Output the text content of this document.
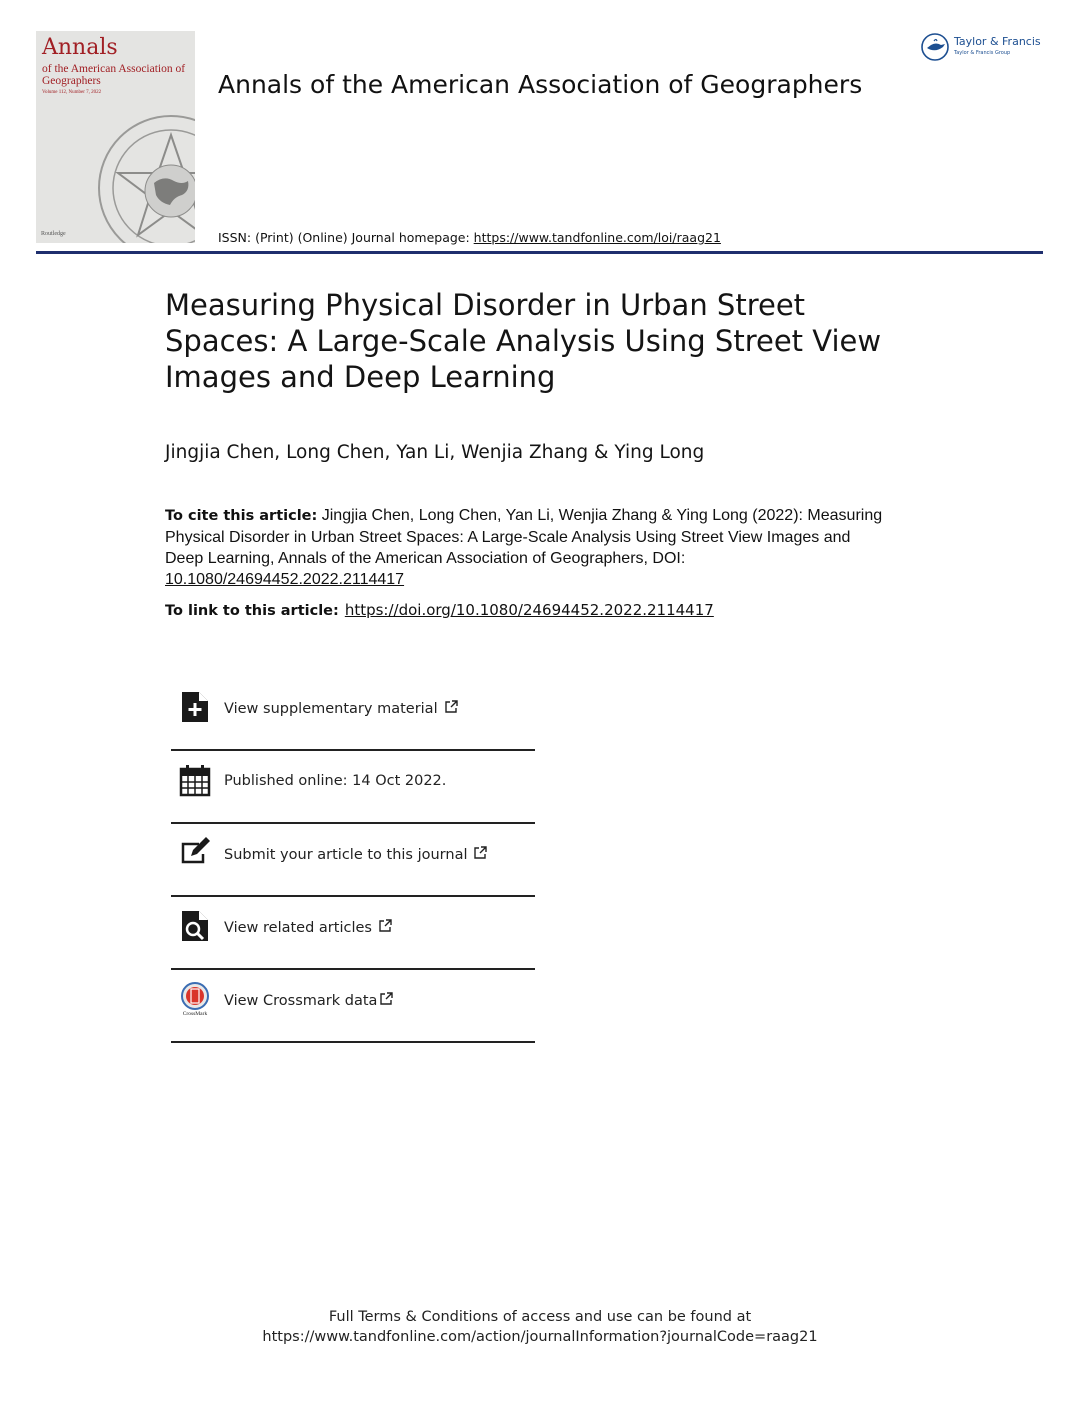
Annals
of the American Association of Geographers
Volume 112, Number 7, 2022
Routledge
Annals of the American Association of Geographers
Taylor & Francis
Taylor & Francis Group
ISSN: (Print) (Online) Journal homepage: https://www.tandfonline.com/loi/raag21
Measuring Physical Disorder in Urban Street Spaces: A Large-Scale Analysis Using Street View Images and Deep Learning
Jingjia Chen, Long Chen, Yan Li, Wenjia Zhang & Ying Long
To cite this article: Jingjia Chen, Long Chen, Yan Li, Wenjia Zhang & Ying Long (2022): Measuring Physical Disorder in Urban Street Spaces: A Large-Scale Analysis Using Street View Images and Deep Learning, Annals of the American Association of Geographers, DOI: 10.1080/24694452.2022.2114417
To link to this article: https://doi.org/10.1080/24694452.2022.2114417
View supplementary material
Published online: 14 Oct 2022.
Submit your article to this journal
View related articles
CrossMark
View Crossmark data
Full Terms & Conditions of access and use can be found at
https://www.tandfonline.com/action/journalInformation?journalCode=raag21
